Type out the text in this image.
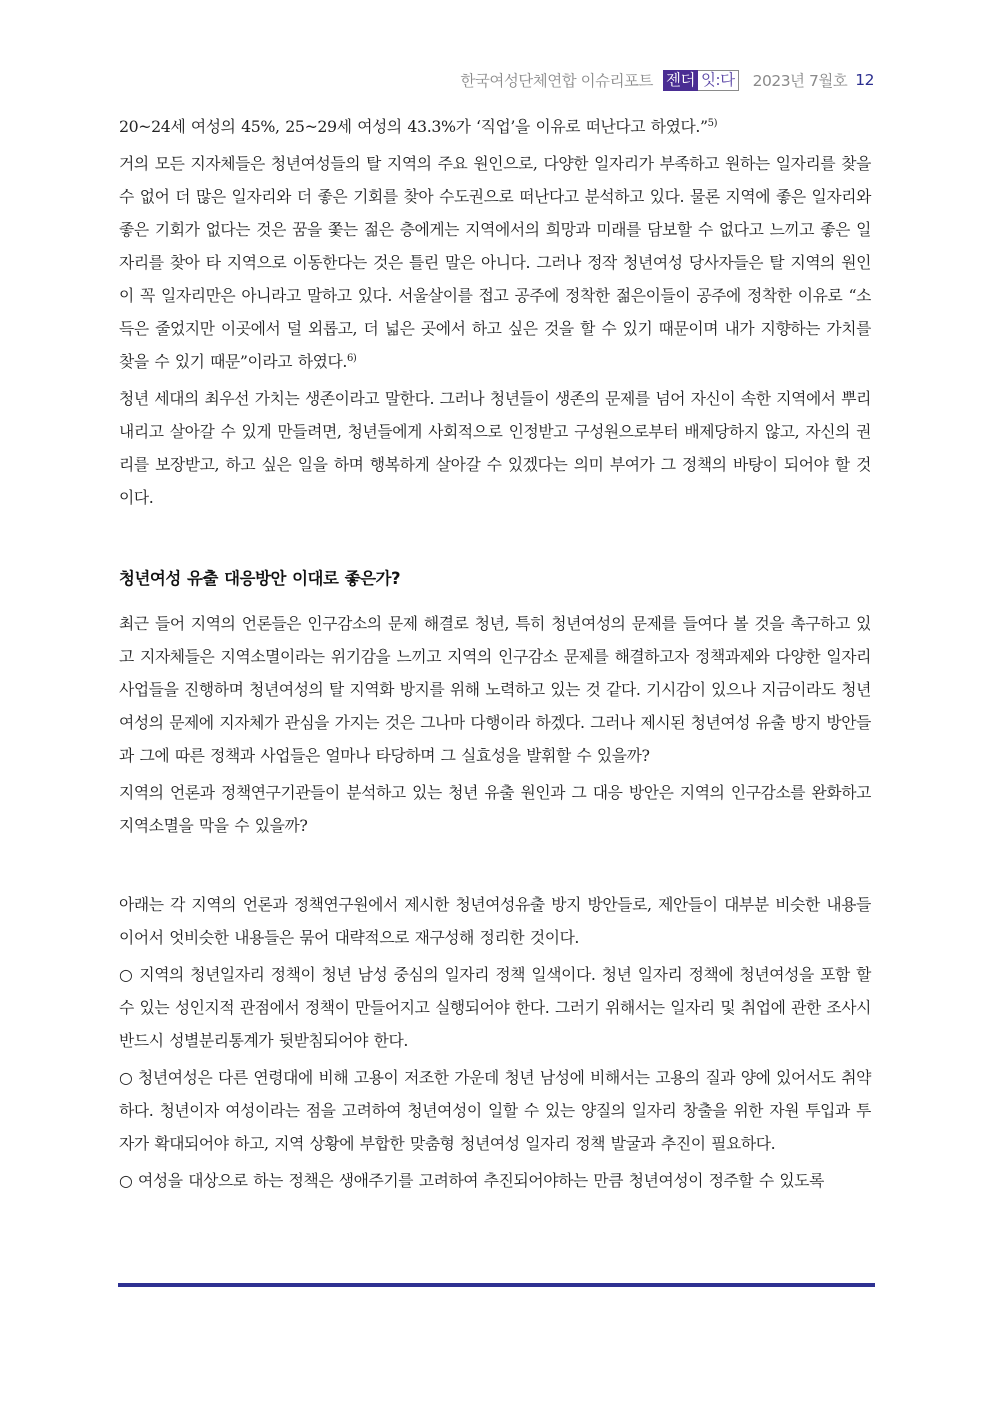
한국여성단체연합 이슈리포트 젠더 잇:다 2023년 7월호 12

20~24세 여성의 45%, 25~29세 여성의 43.3%가 ‘직업’을 이유로 떠난다고 하였다.”$^{5)}$

거의 모든 지자체들은 청년여성들의 탈 지역의 주요 원인으로, 다양한 일자리가 부족하고 원하는 일자리를 찾을 수 없어 더 많은 일자리와 더 좋은 기회를 찾아 수도권으로 떠난다고 분석하고 있다. 물론 지역에 좋은 일자리와 좋은 기회가 없다는 것은 꿈을 쫓는 젊은 층에게는 지역에서의 희망과 미래를 담보할 수 없다고 느끼고 좋은 일자리를 찾아 타 지역으로 이동한다는 것은 틀린 말은 아니다. 그러나 정작 청년여성 당사자들은 탈 지역의 원인이 꼭 일자리만은 아니라고 말하고 있다. 서울살이를 접고 공주에 정착한 젊은이들이 공주에 정착한 이유로 “소득은 줄었지만 이곳에서 덜 외롭고, 더 넓은 곳에서 하고 싶은 것을 할 수 있기 때문이며 내가 지향하는 가치를 찾을 수 있기 때문”이라고 하였다.$^{6)}$

청년 세대의 최우선 가치는 생존이라고 말한다. 그러나 청년들이 생존의 문제를 넘어 자신이 속한 지역에서 뿌리 내리고 살아갈 수 있게 만들려면, 청년들에게 사회적으로 인정받고 구성원으로부터 배제당하지 않고, 자신의 권리를 보장받고, 하고 싶은 일을 하며 행복하게 살아갈 수 있겠다는 의미 부여가 그 정책의 바탕이 되어야 할 것이다.

청년여성 유출 대응방안 이대로 좋은가?

최근 들어 지역의 언론들은 인구감소의 문제 해결로 청년, 특히 청년여성의 문제를 들여다 볼 것을 촉구하고 있고 지자체들은 지역소멸이라는 위기감을 느끼고 지역의 인구감소 문제를 해결하고자 정책과제와 다양한 일자리 사업들을 진행하며 청년여성의 탈 지역화 방지를 위해 노력하고 있는 것 같다. 기시감이 있으나 지금이라도 청년여성의 문제에 지자체가 관심을 가지는 것은 그나마 다행이라 하겠다. 그러나 제시된 청년여성 유출 방지 방안들과 그에 따른 정책과 사업들은 얼마나 타당하며 그 실효성을 발휘할 수 있을까?

지역의 언론과 정책연구기관들이 분석하고 있는 청년 유출 원인과 그 대응 방안은 지역의 인구감소를 완화하고 지역소멸을 막을 수 있을까?

아래는 각 지역의 언론과 정책연구원에서 제시한 청년여성유출 방지 방안들로, 제안들이 대부분 비슷한 내용들이어서 엇비슷한 내용들은 묶어 대략적으로 재구성해 정리한 것이다.

○ 지역의 청년일자리 정책이 청년 남성 중심의 일자리 정책 일색이다. 청년 일자리 정책에 청년여성을 포함 할 수 있는 성인지적 관점에서 정책이 만들어지고 실행되어야 한다. 그러기 위해서는 일자리 및 취업에 관한 조사시 반드시 성별분리통계가 뒷받침되어야 한다.

○ 청년여성은 다른 연령대에 비해 고용이 저조한 가운데 청년 남성에 비해서는 고용의 질과 양에 있어서도 취약하다. 청년이자 여성이라는 점을 고려하여 청년여성이 일할 수 있는 양질의 일자리 창출을 위한 자원 투입과 투자가 확대되어야 하고, 지역 상황에 부합한 맞춤형 청년여성 일자리 정책 발굴과 추진이 필요하다.

○ 여성을 대상으로 하는 정책은 생애주기를 고려하여 추진되어야하는 만큼 청년여성이 정주할 수 있도록
